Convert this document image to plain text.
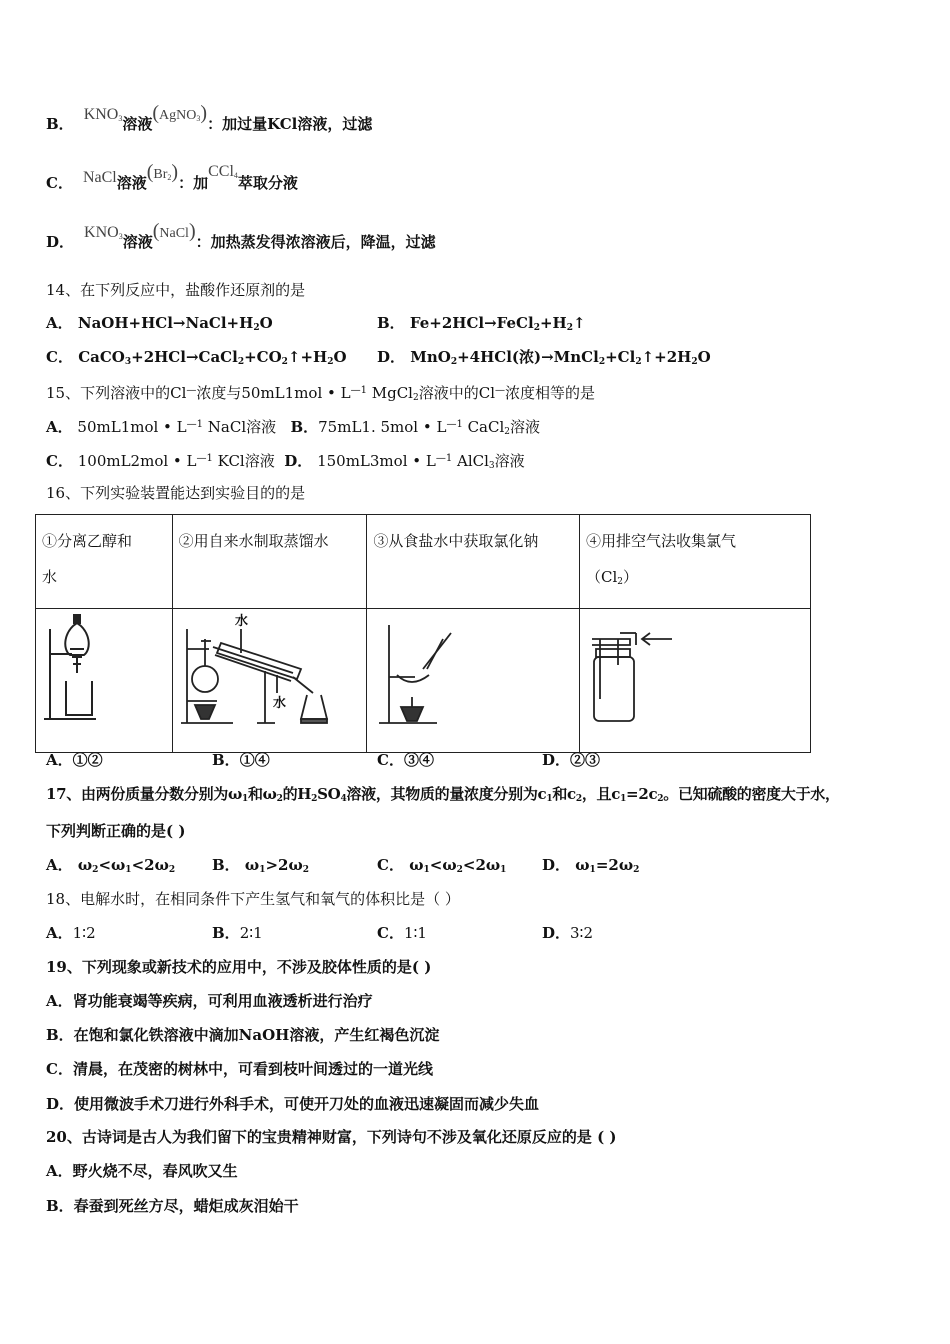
B．$KNO_3$溶液(AgNO$_3$)：加过量KCl溶液，过滤
C． NaCl溶液$(Br_2)$：加CCl$_4$萃取分液
D．$KNO_3$溶液(NaCl)：加热蒸发得浓溶液后，降温，过滤
14、在下列反应中，盐酸作还原剂的是
A． $NaOH+HCl\to NaCl+H_2O$	B． $Fe+2HCl\to FeCl_2+H_2↑$
C． $CaCO_3+2HCl\to CaCl_2+CO_2↑+H_2O$ D． MnO$_2$+4HCl(浓)$\to MnCl_2+Cl_2↑+2H_2O$
15、下列溶液中的Cl—浓度与50mL1mol • $L^{—1}$ MgCl$_2$溶液中的Cl—浓度相等的是
A． 50mL1mol • $L^{—1}$ NaCl溶液 B．75mL1. 5mol • $L^{—1}$ CaCl$_2$溶液
C． 100mL2mol • $L^{—1}$ KCl溶液 D． 150mL3mol • $L^{—1}$ AlCl$_3$溶液
16、下列实验装置能达到实验目的的是
①分离乙醇和
水	②用自来水制取蒸馏水	③从食盐水中获取氯化钠	④用排空气法收集氯气
$(Cl_2)$

水
水

A．①②	B．①④	C．③④	D．②③
17、由两份质量分数分别为$\omega_1$和$\omega_2$的$H_2SO_4$溶液，其物质的量浓度分别为$c_1$和$c_2$，且$c_1=2c_2$。已知硫酸的密度大于水，
下列判断正确的是( )
A． $\omega_2<\omega_1<2\omega_2$ B． $\omega_1>2\omega_2$	C． $\omega_1<\omega_2<2\omega_1$ D． $\omega_1=2\omega_2$
18、电解水时，在相同条件下产生氢气和氧气的体积比是（ ）
A．1∶2	B．2∶1	C．1∶1	D．3∶2
19、下列现象或新技术的应用中，不涉及胶体性质的是( )
A．肾功能衰竭等疾病，可利用血液透析进行治疗
B．在饱和氯化铁溶液中滴加NaOH溶液，产生红褐色沉淀
C．清晨，在茂密的树林中，可看到枝叶间透过的一道光线
D．使用微波手术刀进行外科手术，可使开刀处的血液迅速凝固而减少失血
20、古诗词是古人为我们留下的宝贵精神财富，下列诗句不涉及氧化还原反应的是 ( )
A．野火烧不尽，春风吹又生
B．春蚕到死丝方尽，蜡炬成灰泪始干
